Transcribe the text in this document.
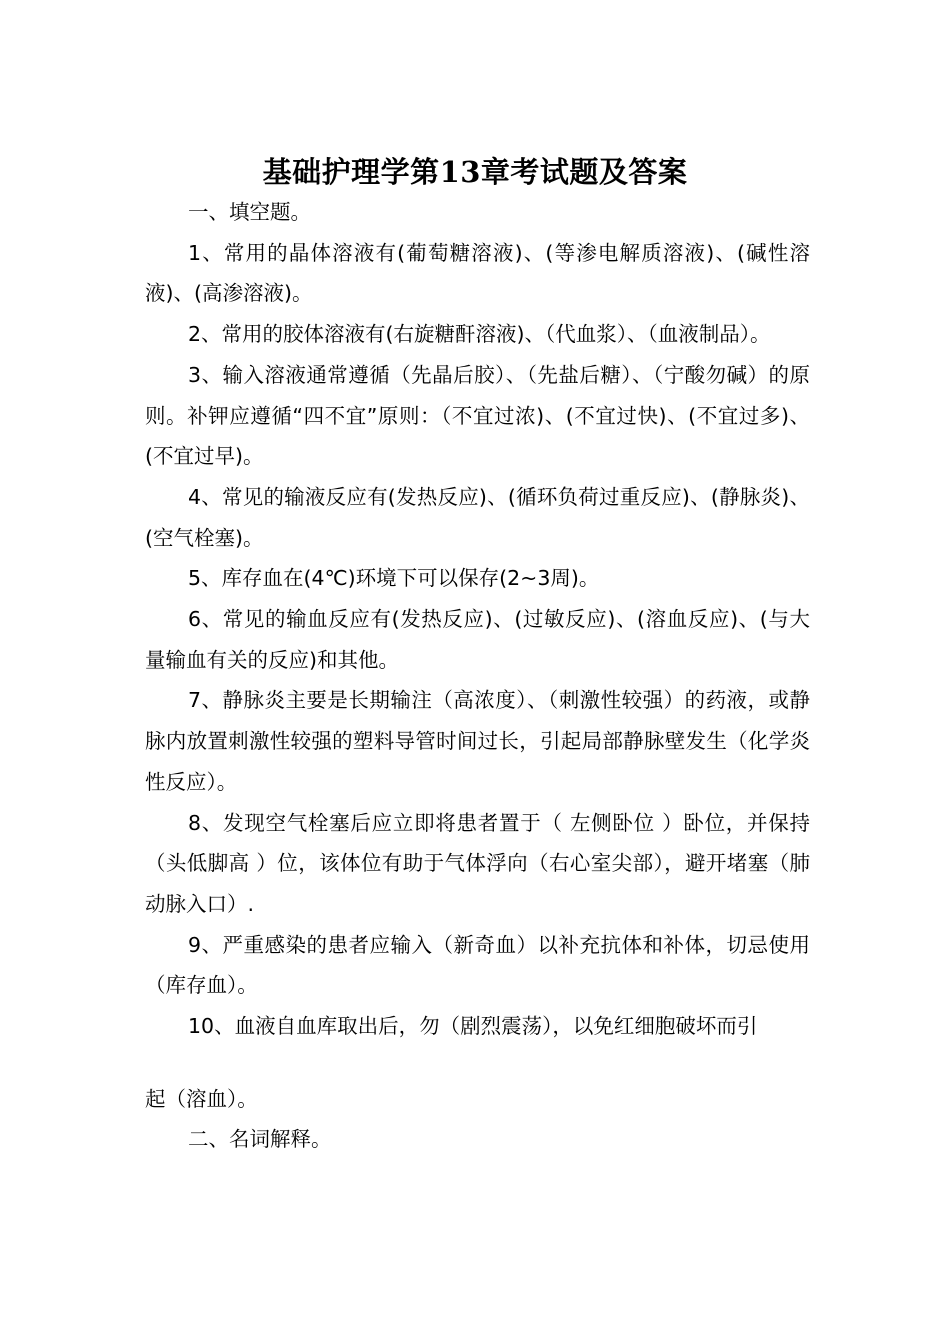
基础护理学第13章考试题及答案

一、填空题。

1、常用的晶体溶液有(葡萄糖溶液)、(等渗电解质溶液)、(碱性溶液)、(高渗溶液)。

2、常用的胶体溶液有(右旋糖酐溶液)、（代血浆）、（血液制品）。

3、输入溶液通常遵循（先晶后胶）、（先盐后糖）、（宁酸勿碱）的原则。补钾应遵循“四不宜”原则：（不宜过浓)、(不宜过快)、(不宜过多)、(不宜过早)。

4、常见的输液反应有(发热反应)、(循环负荷过重反应)、(静脉炎)、(空气栓塞)。

5、库存血在(4℃)环境下可以保存(2~3周)。

6、常见的输血反应有(发热反应)、(过敏反应)、(溶血反应)、(与大量输血有关的反应)和其他。

7、静脉炎主要是长期输注（高浓度）、（刺激性较强）的药液，或静脉内放置刺激性较强的塑料导管时间过长，引起局部静脉壁发生（化学炎性反应）。

8、发现空气栓塞后应立即将患者置于（ 左侧卧位 ）卧位，并保持（头低脚高 ）位，该体位有助于气体浮向（右心室尖部），避开堵塞（肺动脉入口）.

9、严重感染的患者应输入（新奇血）以补充抗体和补体，切忌使用（库存血）。

10、血液自血库取出后，勿（剧烈震荡），以免红细胞破坏而引

起（溶血）。

二、名词解释。
